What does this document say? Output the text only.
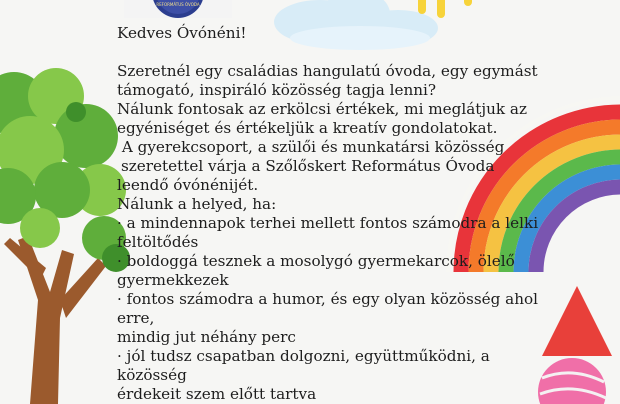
REFORMÁTUS ÓVODA

Kedves Óvónéni!

Szeretnél egy családias hangulatú óvoda, egy egymást

támogató, inspiráló közösség tagja lenni?

Nálunk fontosak az erkölcsi értékek, mi meglátjuk az

egyéniséget és értékeljük a kreatív gondolatokat.

A gyerekcsoport, a szülői és munkatársi közösség

szeretettel várja a Szőlőskert Református Óvoda

leendő óvónénijét.

Nálunk a helyed, ha:

· a mindennapok terhei mellett fontos számodra a lelki

feltöltődés

· boldoggá tesznek a mosolygó gyermekarcok, ölelő

gyermekkezek

· fontos számodra a humor, és egy olyan közösség ahol erre,

mindig jut néhány perc

· jól tudsz csapatban dolgozni, együttműködni, a közösség

érdekeit szem előtt tartva
